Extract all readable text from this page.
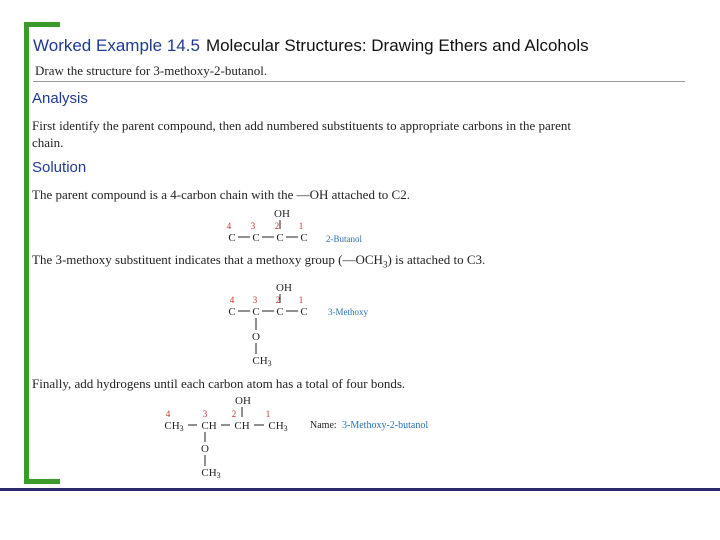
Worked Example 14.5 Molecular Structures: Drawing Ethers and Alcohols
Draw the structure for 3-methoxy-2-butanol.
Analysis
First identify the parent compound, then add numbered substituents to appropriate carbons in the parent chain.
Solution
The parent compound is a 4-carbon chain with the —OH attached to C2.
4 3 2 1
OH
C C C C 2-Butanol
The 3-methoxy substituent indicates that a methoxy group $(—OCH_3)$ is attached to C3.
4 3 2 1
OH
C C C C
O
CH3
3-Methoxy
Finally, add hydrogens until each carbon atom has a total of four bonds.
4	3	2	1
OH
CH3 CH CH CH3
O
CH3
Name: 3-Methoxy-2-butanol
